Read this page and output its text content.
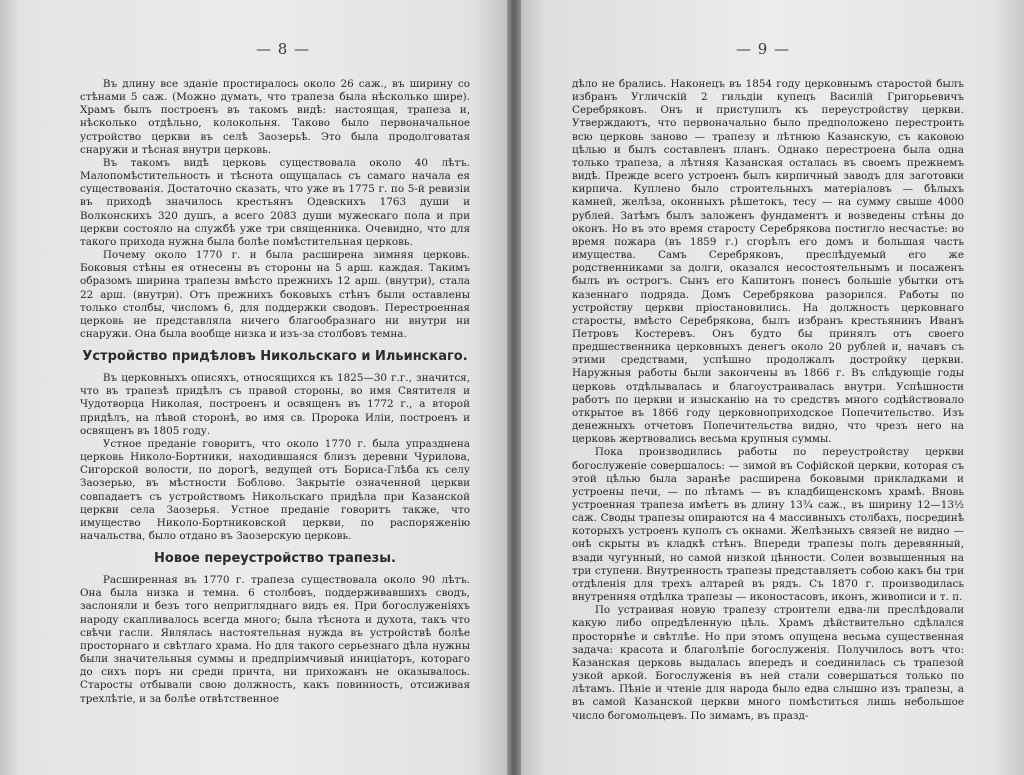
— 8 —

Въ длину все зданіе простиралось около 26 саж., въ ширину со стѣнами 5 саж. (Можно думать, что трапеза была нѣсколько шире). Храмъ былъ построенъ въ такомъ видѣ: настоящая, трапеза и, нѣсколько отдѣльно, колокольня. Таково было первоначальное устройство церкви въ селѣ Заозерьѣ. Это была продолговатая снаружи и тѣсная внутри церковь.

Въ такомъ видѣ церковь существовала около 40 лѣтъ. Малопомѣстительность и тѣснота ощущалась съ самаго начала ея существованія. Достаточно сказать, что уже въ 1775 г. по 5-й ревизіи въ приходѣ значилось крестьянъ Одевскихъ 1763 души и Волконскихъ 320 душъ, а всего 2083 души мужескаго пола и при церкви состояло на службѣ уже три священника. Очевидно, что для такого прихода нужна была болѣе помѣстительная церковь.

Почему около 1770 г. и была расширена зимняя церковь. Боковыя стѣны ея отнесены въ стороны на 5 арш. каждая. Такимъ образомъ ширина трапезы вмѣсто прежнихъ 12 арш. (внутри), стала 22 арш. (внутри). Отъ прежнихъ боковыхъ стѣнъ были оставлены только столбы, числомъ 6, для поддержки сводовъ. Перестроенная церковь не представляла ничего благообразнаго ни внутри ни снаружи. Она была вообще низка и изъ-за столбовъ темна.

Устройство придѣловъ Никольскаго и Ильинскаго.

Въ церковныхъ описяхъ, относящихся къ 1825—30 г.г., значится, что въ трапезѣ придѣлъ съ правой стороны, во имя Святителя и Чудотворца Николая, построенъ и освященъ въ 1772 г., а второй придѣлъ, на лѣвой сторонѣ, во имя св. Пророка Иліи, построенъ и освященъ въ 1805 году.

Устное преданіе говоритъ, что около 1770 г. была упразднена церковь Николо-Бортники, находившаяся близъ деревни Чурилова, Сигорской волости, по дорогѣ, ведущей отъ Бориса-Глѣба къ селу Заозерью, въ мѣстности Боблово. Закрытіе означенной церкви совпадаетъ съ устройствомъ Никольскаго придѣла при Казанской церкви села Заозерья. Устное преданіе говоритъ также, что имущество Николо-Бортниковской церкви, по распоряженію начальства, было отдано въ Заозерскую церковь.

Новое переустройство трапезы.

Расширенная въ 1770 г. трапеза существовала около 90 лѣтъ. Она была низка и темна. 6 столбовъ, поддерживавшихъ сводъ, заслоняли и безъ того непригляднаго видъ ея. При богослуженіяхъ народу скапливалось всегда много; была тѣснота и духота, такъ что свѣчи гасли. Являлась настоятельная нужда въ устройствѣ болѣе просторнаго и свѣтлаго храма. Но для такого серьезнаго дѣла нужны были значительныя суммы и предпріимчивый иниціаторъ, котораго до сихъ поръ ни среди причта, ни прихожанъ не оказывалось. Старосты отбывали свою должность, какъ повинность, отсиживая трехлѣтіе, и за болѣе отвѣтственное

— 9 —

дѣло не брались. Наконецъ въ 1854 году церковнымъ старостой былъ избранъ Угличскій 2 гильдіи купецъ Василій Григорьевичъ Серебряковъ. Онъ и приступилъ къ переустройству церкви. Утверждаютъ, что первоначально было предположено перестроить всю церковь заново — трапезу и лѣтнюю Казанскую, съ каковою цѣлью и былъ составленъ планъ. Однако перестроена была одна только трапеза, а лѣтняя Казанская осталась въ своемъ прежнемъ видѣ. Прежде всего устроенъ былъ кирпичный заводъ для заготовки кирпича. Куплено было строительныхъ матеріаловъ — бѣлыхъ камней, желѣза, оконныхъ рѣшетокъ, тесу — на сумму свыше 4000 рублей. Затѣмъ былъ заложенъ фундаментъ и возведены стѣны до оконъ. Но въ это время старосту Серебрякова постигло несчастье: во время пожара (въ 1859 г.) сгорѣлъ его домъ и большая часть имущества. Самъ Серебряковъ, преслѣдуемый его же родственниками за долги, оказался несостоятельнымъ и посаженъ былъ въ острогъ. Сынъ его Капитонъ понесъ большіе убытки отъ казеннаго подряда. Домъ Серебрякова разорился. Работы по устройству церкви пріостановились. На должность церковнаго старосты, вмѣсто Серебрякова, былъ избранъ крестьянинъ Иванъ Петровъ Костеревъ. Онъ будто бы принялъ отъ своего предшественника церковныхъ денегъ около 20 рублей и, начавъ съ этими средствами, успѣшно продолжалъ достройку церкви. Наружныя работы были закончены въ 1866 г. Въ слѣдующіе годы церковь отдѣлывалась и благоустраивалась внутри. Успѣшности работъ по церкви и изысканію на то средствъ много содѣйствовало открытое въ 1866 году церковноприходское Попечительство. Изъ денежныхъ отчетовъ Попечительства видно, что чрезъ него на церковь жертвовались весьма крупныя суммы.

Пока производились работы по переустройству церкви богослуженіе совершалось: — зимой въ Софійской церкви, которая съ этой цѣлью была заранѣе расширена боковыми прикладками и устроены печи, — по лѣтамъ — въ кладбищенскомъ храмѣ. Вновь устроенная трапеза имѣетъ въ длину 13¾ саж., въ ширину 12—13½ саж. Своды трапезы опираются на 4 массивныхъ столбахъ, посрединѣ которыхъ устроенъ куполъ съ окнами. Желѣзныхъ связей не видно — онѣ скрыты въ кладкѣ стѣнъ. Впереди трапезы полъ деревянный, взади чугунный, но самой низкой цѣнности. Солеи возвышенныя на три ступени. Внутренность трапезы представляетъ собою какъ бы три отдѣленія для трехъ алтарей въ рядъ. Съ 1870 г. производилась внутренняя отдѣлка трапезы — иконостасовъ, иконъ, живописи и т. п.

По устраивая новую трапезу строители едва-ли преслѣдовали какую либо опредѣленную цѣль. Храмъ дѣйствительно сдѣлался просторнѣе и свѣтлѣе. Но при этомъ опущена весьма существенная задача: красота и благолѣпіе богослуженія. Получилось вотъ что: Казанская церковь выдалась впередъ и соединилась съ трапезой узкой аркой. Богослуженія въ ней стали совершаться только по лѣтамъ. Пѣніе и чтеніе для народа было едва слышно изъ трапезы, а въ самой Казанской церкви много помѣститься лишь небольшое число богомольцевъ. По зимамъ, въ празд-
